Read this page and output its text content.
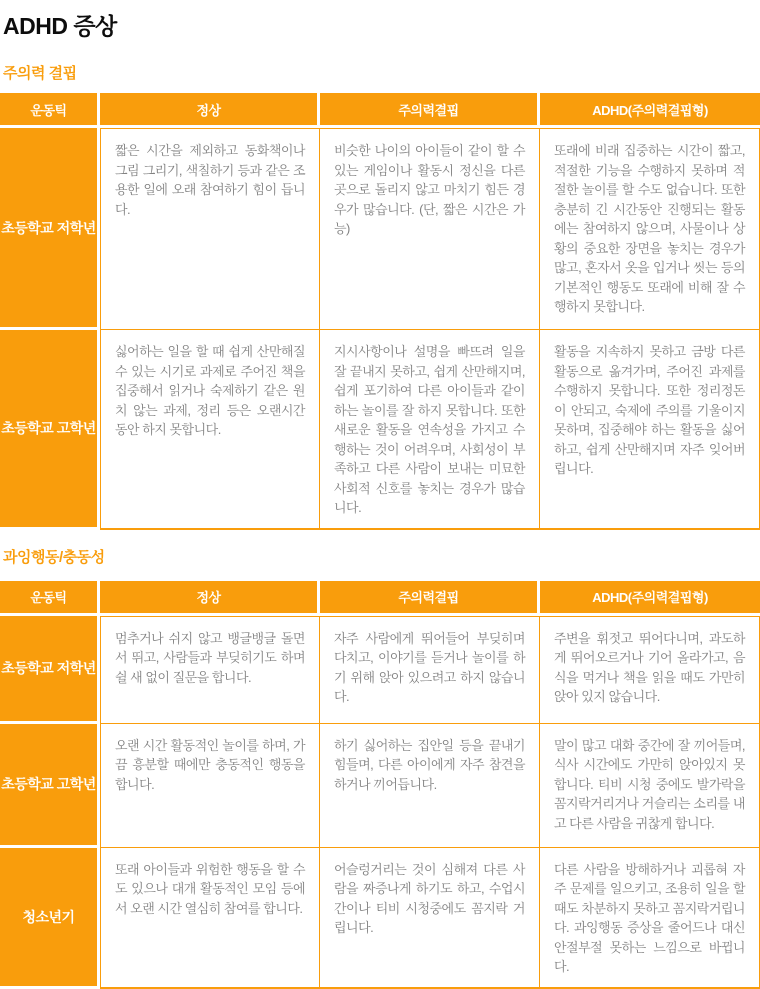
ADHD 증상
주의력 결핍
운동틱	정상	주의력결핍	ADHD(주의력결핍형)
초등학교 저학년	짧은 시간을 제외하고 동화책이나 그림 그리기, 색칠하기 등과 같은 조용한 일에 오래 참여하기 힘이 듭니다.	비슷한 나이의 아이들이 같이 할 수 있는 게임이나 활동시 정신을 다른곳으로 돌리지 않고 마치기 힘든 경우가 많습니다. (단, 짧은 시간은 가능)	또래에 비래 집중하는 시간이 짧고, 적절한 기능을 수행하지 못하며 적절한 놀이를 할 수도 없습니다. 또한 충분히 긴 시간동안 진행되는 활동에는 참여하지 않으며, 사물이나 상황의 중요한 장면을 놓치는 경우가 많고, 혼자서 옷을 입거나 씻는 등의 기본적인 행동도 또래에 비해 잘 수행하지 못합니다.
초등학교 고학년	싫어하는 일을 할 때 쉽게 산만해질 수 있는 시기로 과제로 주어진 책을 집중해서 읽거나 숙제하기 같은 원치 않는 과제, 정리 등은 오랜시간 동안 하지 못합니다.	지시사항이나 설명을 빠뜨려 일을 잘 끝내지 못하고, 쉽게 산만해지며, 쉽게 포기하여 다른 아이들과 같이 하는 놀이를 잘 하지 못합니다. 또한 새로운 활동을 연속성을 가지고 수행하는 것이 어려우며, 사회성이 부족하고 다른 사람이 보내는 미묘한 사회적 신호를 놓치는 경우가 많습니다.	활동을 지속하지 못하고 금방 다른 활동으로 옮겨가며, 주어진 과제를 수행하지 못합니다. 또한 정리정돈이 안되고, 숙제에 주의를 기울이지 못하며, 집중해야 하는 활동을 싫어하고, 쉽게 산만해지며 자주 잊어버립니다.
과잉행동/충동성
운동틱	정상	주의력결핍	ADHD(주의력결핍형)
초등학교 저학년	멈추거나 쉬지 않고 뱅글뱅글 돌면서 뛰고, 사람들과 부딪히기도 하며 쉴 새 없이 질문을 합니다.	자주 사람에게 뛰어들어 부딪히며 다치고, 이야기를 듣거나 놀이를 하기 위해 앉아 있으려고 하지 않습니다.	주변을 휘젓고 뛰어다니며, 과도하게 뛰어오르거나 기어 올라가고, 음식을 먹거나 책을 읽을 때도 가만히 앉아 있지 않습니다.
초등학교 고학년	오랜 시간 활동적인 놀이를 하며, 가끔 흥분할 때에만 충동적인 행동을 합니다.	하기 싫어하는 집안일 등을 끝내기 힘들며, 다른 아이에게 자주 참견을 하거나 끼어듭니다.	말이 많고 대화 중간에 잘 끼어들며, 식사 시간에도 가만히 앉아있지 못합니다. 티비 시청 중에도 발가락을 꼼지락거리거나 거슬리는 소리를 내고 다른 사람을 귀찮게 합니다.
청소년기	또래 아이들과 위험한 행동을 할 수도 있으나 대개 활동적인 모임 등에서 오랜 시간 열심히 참여를 합니다.	어슬렁거리는 것이 심해져 다른 사람을 짜증나게 하기도 하고, 수업시간이나 티비 시청중에도 꼼지락 거립니다.	다른 사람을 방해하거나 괴롭혀 자주 문제를 일으키고, 조용히 일을 할 때도 차분하지 못하고 꼼지락거립니다. 과잉행동 증상을 줄어드나 대신 안절부절 못하는 느낌으로 바뀝니다.
